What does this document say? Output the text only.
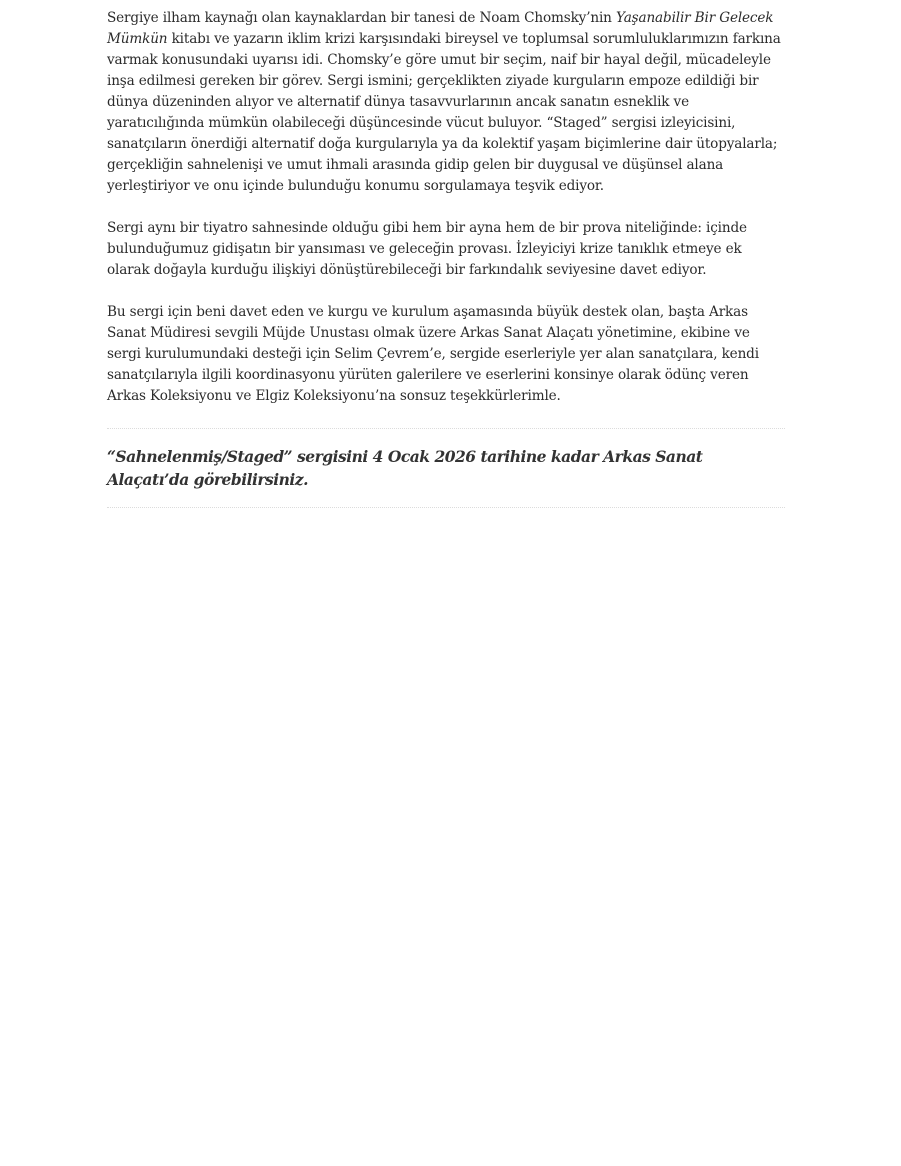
Sergiye ilham kaynağı olan kaynaklardan bir tanesi de Noam Chomsky’nin Yaşanabilir Bir Gelecek Mümkün kitabı ve yazarın iklim krizi karşısındaki bireysel ve toplumsal sorumluluklarımızın farkına varmak konusundaki uyarısı idi. Chomsky’e göre umut bir seçim, naif bir hayal değil, mücadeleyle inşa edilmesi gereken bir görev. Sergi ismini; gerçeklikten ziyade kurguların empoze edildiği bir dünya düzeninden alıyor ve alternatif dünya tasavvurlarının ancak sanatın esneklik ve yaratıcılığında mümkün olabileceği düşüncesinde vücut buluyor. “Staged” sergisi izleyicisini, sanatçıların önerdiği alternatif doğa kurgularıyla ya da kolektif yaşam biçimlerine dair ütopyalarla; gerçekliğin sahnelenişi ve umut ihmali arasında gidip gelen bir duygusal ve düşünsel alana yerleştiriyor ve onu içinde bulunduğu konumu sorgulamaya teşvik ediyor.

Sergi aynı bir tiyatro sahnesinde olduğu gibi hem bir ayna hem de bir prova niteliğinde: içinde bulunduğumuz gidişatın bir yansıması ve geleceğin provası. İzleyiciyi krize tanıklık etmeye ek olarak doğayla kurduğu ilişkiyi dönüştürebileceği bir farkındalık seviyesine davet ediyor.

Bu sergi için beni davet eden ve kurgu ve kurulum aşamasında büyük destek olan, başta Arkas Sanat Müdiresi sevgili Müjde Unustası olmak üzere Arkas Sanat Alaçatı yönetimine, ekibine ve sergi kurulumundaki desteği için Selim Çevrem’e, sergide eserleriyle yer alan sanatçılara, kendi sanatçılarıyla ilgili koordinasyonu yürüten galerilere ve eserlerini konsinye olarak ödünç veren Arkas Koleksiyonu ve Elgiz Koleksiyonu’na sonsuz teşekkürlerimle.

“Sahnelenmiş/Staged” sergisini 4 Ocak 2026 tarihine kadar Arkas Sanat Alaçatı’da görebilirsiniz.
